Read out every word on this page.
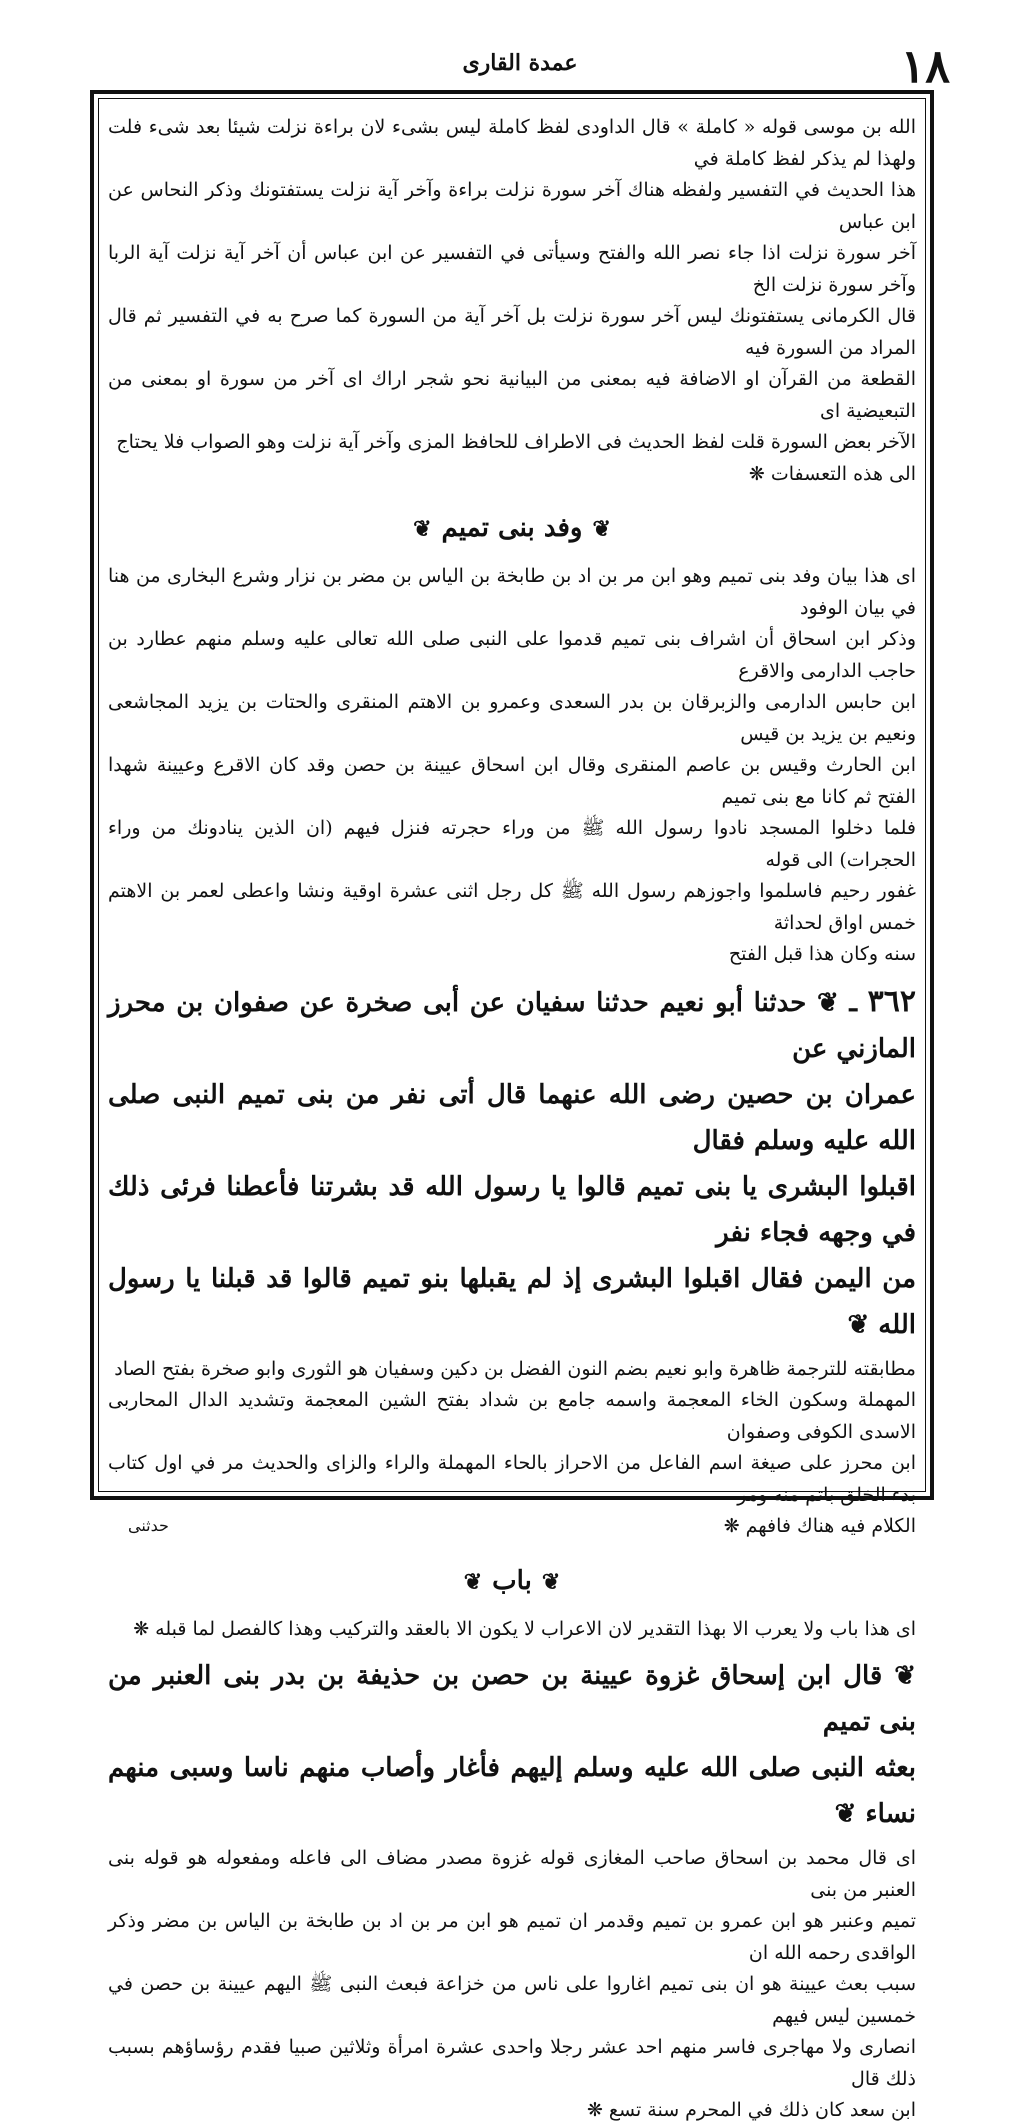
١٨
عمدة القارى

الله بن موسى قوله « كاملة » قال الداودى لفظ كاملة ليس بشىء لان براءة نزلت شيئا بعد شىء فلت ولهذا لم يذكر لفظ كاملة في

هذا الحديث في التفسير ولفظه هناك آخر سورة نزلت براءة وآخر آية نزلت يستفتونك وذكر النحاس عن ابن عباس

آخر سورة نزلت اذا جاء نصر الله والفتح وسيأتى في التفسير عن ابن عباس أن آخر آية نزلت آية الربا وآخر سورة نزلت الخ

قال الكرمانى يستفتونك ليس آخر سورة نزلت بل آخر آية من السورة كما صرح به في التفسير ثم قال المراد من السورة فيه

القطعة من القرآن او الاضافة فيه بمعنى من البيانية نحو شجر اراك اى آخر من سورة او بمعنى من التبعيضية اى

الآخر بعض السورة قلت لفظ الحديث فى الاطراف للحافظ المزى وآخر آية نزلت وهو الصواب فلا يحتاج

الى هذه التعسفات ❋

❦وفد بنى تميم❦

اى هذا بيان وفد بنى تميم وهو ابن مر بن اد بن طابخة بن الياس بن مضر بن نزار وشرع البخارى من هنا في بيان الوفود

وذكر ابن اسحاق أن اشراف بنى تميم قدموا على النبى صلى الله تعالى عليه وسلم منهم عطارد بن حاجب الدارمى والاقرع

ابن حابس الدارمى والزبرقان بن بدر السعدى وعمرو بن الاهتم المنقرى والحتات بن يزيد المجاشعى ونعيم بن يزيد بن قيس

ابن الحارث وقيس بن عاصم المنقرى وقال ابن اسحاق عيينة بن حصن وقد كان الاقرع وعيينة شهدا الفتح ثم كانا مع بنى تميم

فلما دخلوا المسجد نادوا رسول الله ﷺ من وراء حجرته فنزل فيهم (ان الذين ينادونك من وراء الحجرات) الى قوله

غفور رحيم فاسلموا واجوزهم رسول الله ﷺ كل رجل اثنى عشرة اوقية ونشا واعطى لعمر بن الاهتم خمس اواق لحداثة

سنه وكان هذا قبل الفتح

٣٦٢ ـ ❦ حدثنا أبو نعيم حدثنا سفيان عن أبى صخرة عن صفوان بن محرز المازني عن
عمران بن حصين رضى الله عنهما قال أتى نفر من بنى تميم النبى صلى الله عليه وسلم فقال
اقبلوا البشرى يا بنى تميم قالوا يا رسول الله قد بشرتنا فأعطنا فرئى ذلك في وجهه فجاء نفر
من اليمن فقال اقبلوا البشرى إذ لم يقبلها بنو تميم قالوا قد قبلنا يا رسول الله ❦

مطابقته للترجمة ظاهرة وابو نعيم بضم النون الفضل بن دكين وسفيان هو الثورى وابو صخرة بفتح الصاد

المهملة وسكون الخاء المعجمة واسمه جامع بن شداد بفتح الشين المعجمة وتشديد الدال المحاربى الاسدى الكوفى وصفوان

ابن محرز على صيغة اسم الفاعل من الاحراز بالحاء المهملة والراء والزاى والحديث مر في اول كتاب بدء الخلق باتم منه ومر

الكلام فيه هناك فافهم ❋

❦باب❦

اى هذا باب ولا يعرب الا بهذا التقدير لان الاعراب لا يكون الا بالعقد والتركيب وهذا كالفصل لما قبله ❋

❦ قال ابن إسحاق غزوة عيينة بن حصن بن حذيفة بن بدر بنى العنبر من بنى تميم
بعثه النبى صلى الله عليه وسلم إليهم فأغار وأصاب منهم ناسا وسبى منهم نساء ❦

اى قال محمد بن اسحاق صاحب المغازى قوله غزوة مصدر مضاف الى فاعله ومفعوله هو قوله بنى العنبر من بنى

تميم وعنبر هو ابن عمرو بن تميم وقدمر ان تميم هو ابن مر بن اد بن طابخة بن الياس بن مضر وذكر الواقدى رحمه الله ان

سبب بعث عيينة هو ان بنى تميم اغاروا على ناس من خزاعة فبعث النبى ﷺ اليهم عيينة بن حصن في خمسين ليس فيهم

انصارى ولا مهاجرى فاسر منهم احد عشر رجلا واحدى عشرة امرأة وثلاثين صبيا فقدم رؤساؤهم بسبب ذلك قال

ابن سعد كان ذلك في المحرم سنة تسع ❋

حدثنى
